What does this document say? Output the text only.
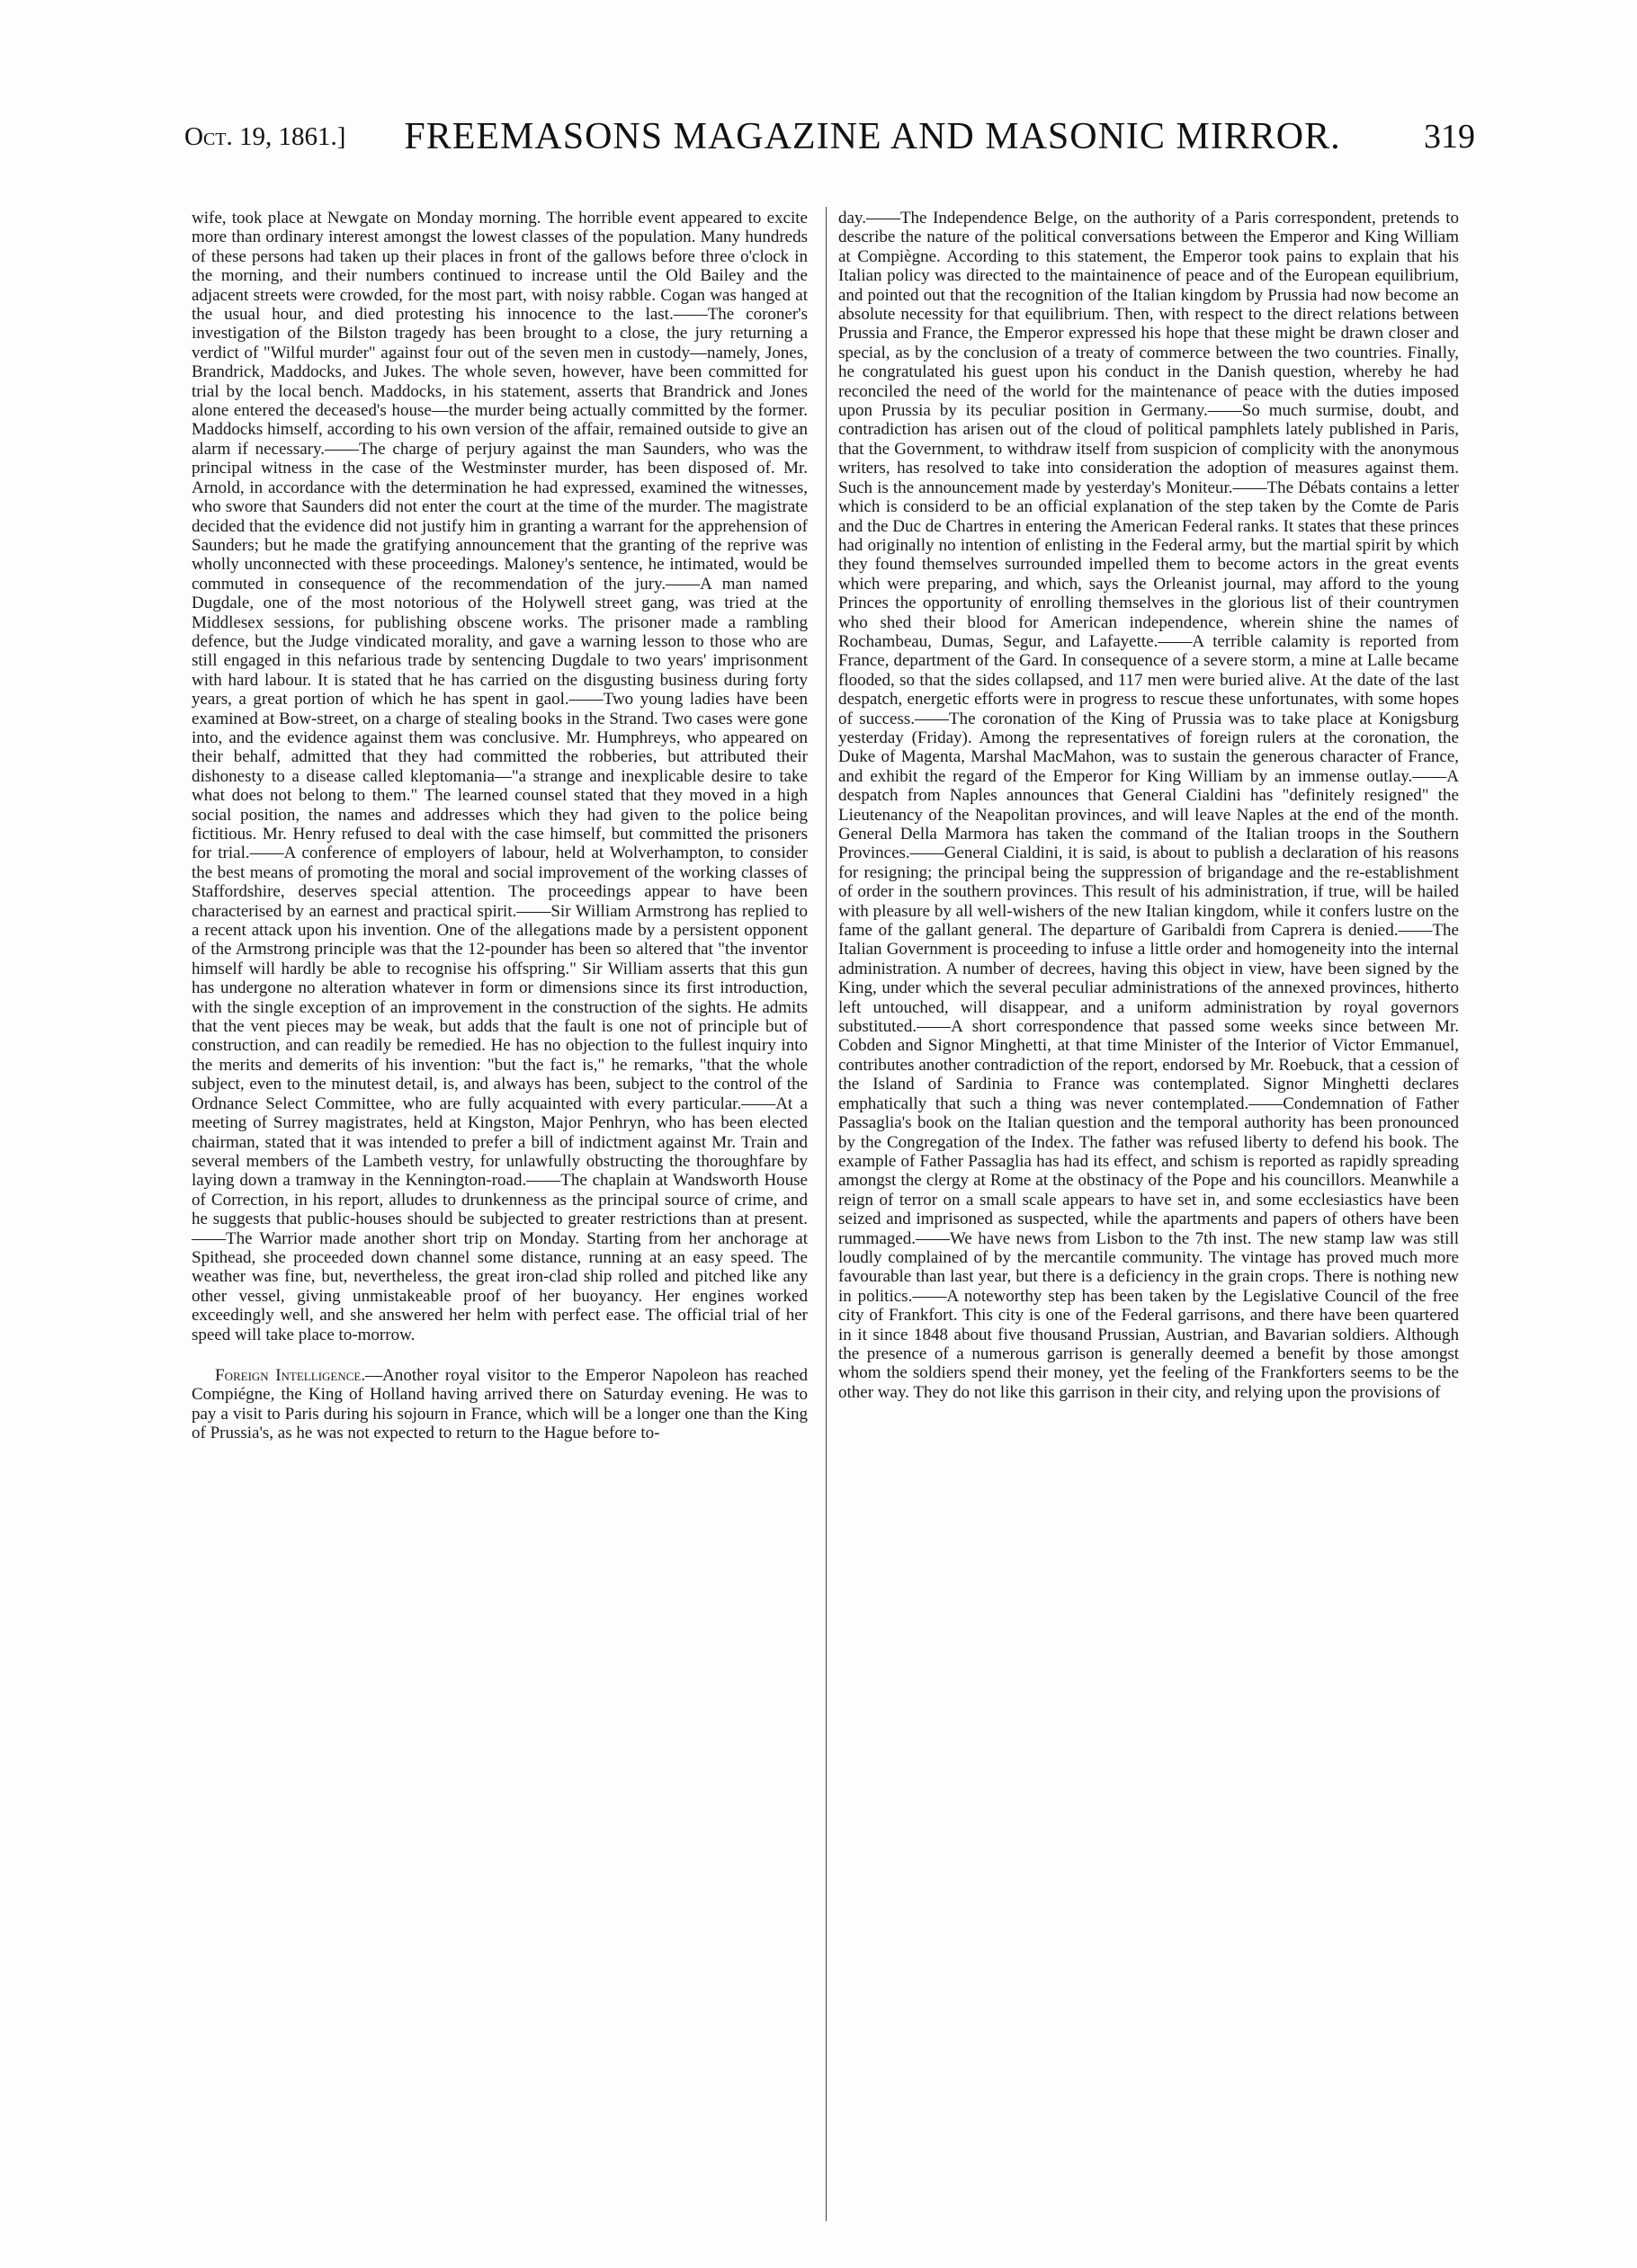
Oct. 19, 1861.]	FREEMASONS MAGAZINE AND MASONIC MIRROR.	319

wife, took place at Newgate on Monday morning. The horrible event appeared to excite more than ordinary interest amongst the lowest classes of the population. Many hundreds of these persons had taken up their places in front of the gallows before three o'clock in the morning, and their numbers continued to increase until the Old Bailey and the adjacent streets were crowded, for the most part, with noisy rabble. Cogan was hanged at the usual hour, and died protesting his innocence to the last.——The coroner's investigation of the Bilston tragedy has been brought to a close, the jury returning a verdict of "Wilful murder" against four out of the seven men in custody—namely, Jones, Brandrick, Maddocks, and Jukes. The whole seven, however, have been committed for trial by the local bench. Maddocks, in his statement, asserts that Brandrick and Jones alone entered the deceased's house—the murder being actually committed by the former. Maddocks himself, according to his own version of the affair, remained outside to give an alarm if necessary.——The charge of perjury against the man Saunders, who was the principal witness in the case of the Westminster murder, has been disposed of. Mr. Arnold, in accordance with the determination he had expressed, examined the witnesses, who swore that Saunders did not enter the court at the time of the murder. The magistrate decided that the evidence did not justify him in granting a warrant for the apprehension of Saunders; but he made the gratifying announcement that the granting of the reprive was wholly unconnected with these proceedings. Maloney's sentence, he intimated, would be commuted in consequence of the recommendation of the jury.——A man named Dugdale, one of the most notorious of the Holywell street gang, was tried at the Middlesex sessions, for publishing obscene works. The prisoner made a rambling defence, but the Judge vindicated morality, and gave a warning lesson to those who are still engaged in this nefarious trade by sentencing Dugdale to two years' imprisonment with hard labour. It is stated that he has carried on the disgusting business during forty years, a great portion of which he has spent in gaol.——Two young ladies have been examined at Bow-street, on a charge of stealing books in the Strand. Two cases were gone into, and the evidence against them was conclusive. Mr. Humphreys, who appeared on their behalf, admitted that they had committed the robberies, but attributed their dishonesty to a disease called kleptomania—"a strange and inexplicable desire to take what does not belong to them." The learned counsel stated that they moved in a high social position, the names and addresses which they had given to the police being fictitious. Mr. Henry refused to deal with the case himself, but committed the prisoners for trial.——A conference of employers of labour, held at Wolverhampton, to consider the best means of promoting the moral and social improvement of the working classes of Staffordshire, deserves special attention. The proceedings appear to have been characterised by an earnest and practical spirit.——Sir William Armstrong has replied to a recent attack upon his invention. One of the allegations made by a persistent opponent of the Armstrong principle was that the 12-pounder has been so altered that "the inventor himself will hardly be able to recognise his offspring." Sir William asserts that this gun has undergone no alteration whatever in form or dimensions since its first introduction, with the single exception of an improvement in the construction of the sights. He admits that the vent pieces may be weak, but adds that the fault is one not of principle but of construction, and can readily be remedied. He has no objection to the fullest inquiry into the merits and demerits of his invention: "but the fact is," he remarks, "that the whole subject, even to the minutest detail, is, and always has been, subject to the control of the Ordnance Select Committee, who are fully acquainted with every particular.——At a meeting of Surrey magistrates, held at Kingston, Major Penhryn, who has been elected chairman, stated that it was intended to prefer a bill of indictment against Mr. Train and several members of the Lambeth vestry, for unlawfully obstructing the thoroughfare by laying down a tramway in the Kennington-road.——The chaplain at Wandsworth House of Correction, in his report, alludes to drunkenness as the principal source of crime, and he suggests that public-houses should be subjected to greater restrictions than at present.——The Warrior made another short trip on Monday. Starting from her anchorage at Spithead, she proceeded down channel some distance, running at an easy speed. The weather was fine, but, nevertheless, the great iron-clad ship rolled and pitched like any other vessel, giving unmistakeable proof of her buoyancy. Her engines worked exceedingly well, and she answered her helm with perfect ease. The official trial of her speed will take place to-morrow.

Foreign Intelligence.—Another royal visitor to the Emperor Napoleon has reached Compiégne, the King of Holland having arrived there on Saturday evening. He was to pay a visit to Paris during his sojourn in France, which will be a longer one than the King of Prussia's, as he was not expected to return to the Hague before to-

day.——The Independence Belge, on the authority of a Paris correspondent, pretends to describe the nature of the political conversations between the Emperor and King William at Compiègne. According to this statement, the Emperor took pains to explain that his Italian policy was directed to the maintainence of peace and of the European equilibrium, and pointed out that the recognition of the Italian kingdom by Prussia had now become an absolute necessity for that equilibrium. Then, with respect to the direct relations between Prussia and France, the Emperor expressed his hope that these might be drawn closer and special, as by the conclusion of a treaty of commerce between the two countries. Finally, he congratulated his guest upon his conduct in the Danish question, whereby he had reconciled the need of the world for the maintenance of peace with the duties imposed upon Prussia by its peculiar position in Germany.——So much surmise, doubt, and contradiction has arisen out of the cloud of political pamphlets lately published in Paris, that the Government, to withdraw itself from suspicion of complicity with the anonymous writers, has resolved to take into consideration the adoption of measures against them. Such is the announcement made by yesterday's Moniteur.——The Débats contains a letter which is considerd to be an official explanation of the step taken by the Comte de Paris and the Duc de Chartres in entering the American Federal ranks. It states that these princes had originally no intention of enlisting in the Federal army, but the martial spirit by which they found themselves surrounded impelled them to become actors in the great events which were preparing, and which, says the Orleanist journal, may afford to the young Princes the opportunity of enrolling themselves in the glorious list of their countrymen who shed their blood for American independence, wherein shine the names of Rochambeau, Dumas, Segur, and Lafayette.——A terrible calamity is reported from France, department of the Gard. In consequence of a severe storm, a mine at Lalle became flooded, so that the sides collapsed, and 117 men were buried alive. At the date of the last despatch, energetic efforts were in progress to rescue these unfortunates, with some hopes of success.——The coronation of the King of Prussia was to take place at Konigsburg yesterday (Friday). Among the representatives of foreign rulers at the coronation, the Duke of Magenta, Marshal MacMahon, was to sustain the generous character of France, and exhibit the regard of the Emperor for King William by an immense outlay.——A despatch from Naples announces that General Cialdini has "definitely resigned" the Lieutenancy of the Neapolitan provinces, and will leave Naples at the end of the month. General Della Marmora has taken the command of the Italian troops in the Southern Provinces.——General Cialdini, it is said, is about to publish a declaration of his reasons for resigning; the principal being the suppression of brigandage and the re-establishment of order in the southern provinces. This result of his administration, if true, will be hailed with pleasure by all well-wishers of the new Italian kingdom, while it confers lustre on the fame of the gallant general. The departure of Garibaldi from Caprera is denied.——The Italian Government is proceeding to infuse a little order and homogeneity into the internal administration. A number of decrees, having this object in view, have been signed by the King, under which the several peculiar administrations of the annexed provinces, hitherto left untouched, will disappear, and a uniform administration by royal governors substituted.——A short correspondence that passed some weeks since between Mr. Cobden and Signor Minghetti, at that time Minister of the Interior of Victor Emmanuel, contributes another contradiction of the report, endorsed by Mr. Roebuck, that a cession of the Island of Sardinia to France was contemplated. Signor Minghetti declares emphatically that such a thing was never contemplated.——Condemnation of Father Passaglia's book on the Italian question and the temporal authority has been pronounced by the Congregation of the Index. The father was refused liberty to defend his book. The example of Father Passaglia has had its effect, and schism is reported as rapidly spreading amongst the clergy at Rome at the obstinacy of the Pope and his councillors. Meanwhile a reign of terror on a small scale appears to have set in, and some ecclesiastics have been seized and imprisoned as suspected, while the apartments and papers of others have been rummaged.——We have news from Lisbon to the 7th inst. The new stamp law was still loudly complained of by the mercantile community. The vintage has proved much more favourable than last year, but there is a deficiency in the grain crops. There is nothing new in politics.——A noteworthy step has been taken by the Legislative Council of the free city of Frankfort. This city is one of the Federal garrisons, and there have been quartered in it since 1848 about five thousand Prussian, Austrian, and Bavarian soldiers. Although the presence of a numerous garrison is generally deemed a benefit by those amongst whom the soldiers spend their money, yet the feeling of the Frankforters seems to be the other way. They do not like this garrison in their city, and relying upon the provisions of
